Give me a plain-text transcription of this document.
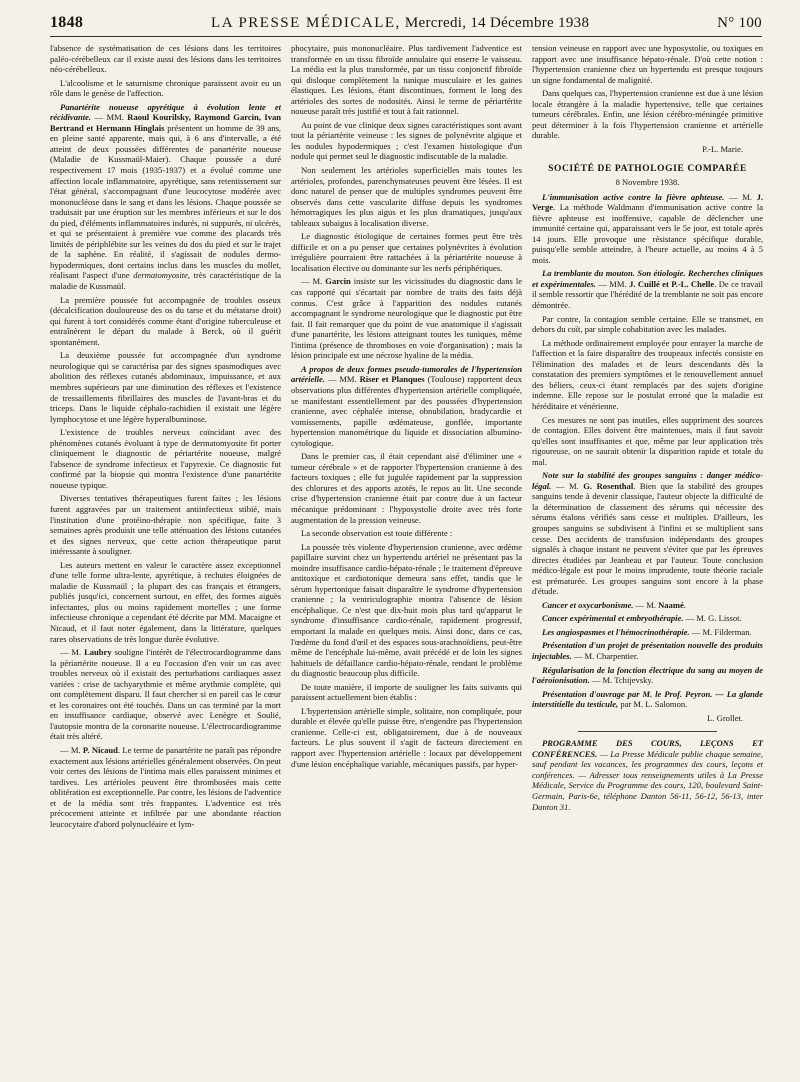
1848	LA PRESSE MÉDICALE, Mercredi, 14 Décembre 1938	N° 100

l'absence de systématisation de ces lésions dans les territoires paléo-cérébelleux car il existe aussi des lésions dans les territoires néo-cérébelleux.

L'alcoolisme et le saturnisme chronique paraissent avoir eu un rôle dans le genèse de l'affection.

Panartérite noueuse apyrétique à évolution lente et récidivante. — MM. Raoul Kourilsky, Raymond Garcin, Ivan Bertrand et Hermann Hinglais présentent un homme de 39 ans, en pleine santé apparente, mais qui, à 6 ans d'intervalle, a été atteint de deux poussées différentes de panartérite noueuse (Maladie de Kussmaül-Maier). Chaque poussée a duré respectivement 17 mois (1935-1937) et a évolué comme une affection locale inflammatoire, apyrétique, sans retentissement sur l'état général, s'accompagnant d'une leucocytose modérée avec mononucléose dans le sang et dans les lésions. Chaque poussée se traduisait par une éruption sur les membres inférieurs et sur le dos du pied, d'éléments inflammatoires indurés, ni suppurés, ni ulcérés, et qui se présentaient à première vue comme des placards très limités de périphlébite sur les veines du dos du pied et sur le trajet de la saphène. En réalité, il s'agissait de nodules dermo-hypodermiques, dont certains inclus dans les muscles du mollet, réalisant l'aspect d'une dermatomyosite, très caractéristique de la maladie de Kussmaül.

La première poussée fut accompagnée de troubles osseux (décalcification douloureuse des os du tarse et du métatarse droit) qui furent à tort considérés comme étant d'origine tuberculeuse et entraînèrent le départ du malade à Berck, où il guérit spontanément.

La deuxième poussée fut accompagnée d'un syndrome neurologique qui se caractérisa par des signes spasmodiques avec abolition des réflexes cutanés abdominaux, impuissance, et aux membres supérieurs par une diminution des réflexes et l'existence de tressaillements fibrillaires des muscles de l'avant-bras et du triceps. Dans le liquide céphalo-rachidien il existait une légère lymphocytose et une légère hyperalbuminose.

L'existence de troubles nerveux coïncidant avec des phénomènes cutanés évoluant à type de dermatomyosite fit porter cliniquement le diagnostic de périartérite noueuse, malgré l'absence de syndrome infectieux et l'apyrexie. Ce diagnostic fut confirmé par la biopsie qui montra l'existence d'une panartérite noueuse typique.

Diverses tentatives thérapeutiques furent faites ; les lésions furent aggravées par un traitement antiinfectieux stibié, mais l'institution d'une protéino-thérapie non spécifique, faite 3 semaines après produisit une telle atténuation des lésions cutanées et des signes nerveux, que cette action thérapeutique parut intéressante à souligner.

Les auteurs mettent en valeur le caractère assez exceptionnel d'une telle forme ultra-lente, apyrétique, à rechutes éloignées de maladie de Kussmaül ; la plupart des cas français et étrangers, publiés jusqu'ici, concernent surtout, en effet, des formes aiguës infectantes, plus ou moins rapidement mortelles ; une forme infectieuse chronique a cependant été décrite par MM. Macaigne et Nicaud, et il faut noter également, dans la littérature, quelques rares observations de très longue durée évolutive.

— M. Laubry souligne l'intérêt de l'électrocardiogramme dans la périartérite noueuse. Il a eu l'occasion d'en voir un cas avec troubles nerveux où il existait des perturbations cardiaques assez variées : crise de tachyarythmie et même arythmie complète, qui ont complètement disparu. Il faut chercher si en pareil cas le cœur et les coronaires ont été touchés. Dans un cas terminé par la mort en insuffisance cardiaque, observé avec Lenègre et Soulié, l'autopsie montra de la coronarite noueuse. L'électrocardiogramme était très altéré.

— M. P. Nicaud. Le terme de panartérite ne paraît pas répondre exactement aux lésions artérielles généralement observées. On peut voir certes des lésions de l'intima mais elles paraissent minimes et tardives. Les artérioles peuvent être thrombosées mais cette oblitération est exceptionnelle. Par contre, les lésions de l'adventice et de la média sont très frappantes. L'adventice est très précocement atteinte et infiltrée par une abondante réaction leucocytaire d'abord polynucléaire et lym-

phocytaire, puis mononucléaire. Plus tardivement l'adventice est transformée en un tissu fibroïde annulaire qui enserre le vaisseau. La média est la plus transformée, par un tissu conjonctif fibroïde qui disloque complètement la tunique musculaire et les gaines élastiques. Les lésions, étant discontinues, forment le long des artérioles des sortes de nodosités. Ainsi le terme de périartérite noueuse paraît très justifié et tout à fait rationnel.

Au point de vue clinique deux signes caractéristiques sont avant tout la périartérite veineuse : les signes de polynévrite algique et les nodules hypodermiques ; c'est l'examen histologique d'un nodule qui permet seul le diagnostic indiscutable de la maladie.

Non seulement les artérioles superficielles mais toutes les artérioles, profondes, parenchymateuses peuvent être lésées. Il est donc naturel de penser que de multiples syndromes peuvent être observés dans cette vascularite diffuse depuis les syndromes hémorragiques les plus aigus et les plus dramatiques, jusqu'aux tableaux subaigus à localisation diverse.

Le diagnostic étiologique de certaines formes peut être très difficile et on a pu penser que certaines polynévrites à évolution irrégulière pourraient être rattachées à la périartérite noueuse à localisation élective ou dominante sur les nerfs périphériques.

— M. Garcin insiste sur les vicissitudes du diagnostic dans le cas rapporté qui s'écartait par nombre de traits des faits déjà connus. C'est grâce à l'apparition des nodules cutanés accompagnant le syndrome neurologique que le diagnostic put être fait. Il fait remarquer que du point de vue anatomique il s'agissait d'une panartérite, les lésions atteignant toutes les tuniques, même l'intima (présence de thromboses en voie d'organisation) ; mais la lésion principale est une nécrose hyaline de la média.

A propos de deux formes pseudo-tumorales de l'hypertension artérielle. — MM. Riser et Planques (Toulouse) rapportent deux observations plus différentes d'hypertension artérielle compliquée, se manifestant essentiellement par des poussées d'hypertension cranienne, avec céphalée intense, obnubilation, bradycardie et vomissements, papille œdémateuse, gonflée, importante hypertension manométrique du liquide et dissociation albumino-cytologique.

Dans le premier cas, il était cependant aisé d'éliminer une « tumeur cérébrale » et de rapporter l'hypertension cranienne à des facteurs toxiques ; elle fut jugulée rapidement par la suppression des chlorures et des apports azotés, le repos au lit. Une seconde crise d'hypertension cranienne était par contre due à un facteur mécanique prédominant : l'hyposystolie droite avec très forte augmentation de la pression veineuse.

La seconde observation est toute différente :

La poussée très violente d'hypertension cranienne, avec œdème papillaire survint chez un hypertendu artériel ne présentant pas la moindre insuffisance cardio-hépato-rénale ; le traitement d'épreuve antitoxique et cardiotonique demeura sans effet, tandis que le sérum hypertonique faisait disparaître le syndrome d'hypertension cranienne ; la ventriculographie montra l'absence de lésion encéphalique. Ce n'est que dix-huit mois plus tard qu'apparut le syndrome d'insuffisance cardio-rénale, rapidement progressif, emportant la malade en quelques mois. Ainsi donc, dans ce cas, l'œdème du fond d'œil et des espaces sous-arachnoïdiens, peut-être même de l'encéphale lui-même, avait précédé et de loin les signes habituels de défaillance cardio-hépato-rénale, rendant le problème du diagnostic beaucoup plus difficile.

De toute manière, il importe de souligner les faits suivants qui paraissent actuellement bien établis :

L'hypertension artérielle simple, solitaire, non compliquée, pour durable et élevée qu'elle puisse être, n'engendre pas l'hypertension cranienne. Celle-ci est, obligatoirement, due à de nouveaux facteurs. Le plus souvent il s'agit de facteurs directement en rapport avec l'hypertension artérielle : locaux par développement d'une lésion encéphalique variable, mécaniques passifs, par hyper-

tension veineuse en rapport avec une hyposystolie, ou toxiques en rapport avec une insuffisance hépato-rénale. D'où cette notion : l'hypertension cranienne chez un hypertendu est presque toujours un signe fondamental de malignité.

Dans quelques cas, l'hypertension cranienne est due à une lésion locale étrangère à la maladie hypertensive, telle que certaines tumeurs cérébrales. Enfin, une lésion cérébro-méningée primitive peut déterminer à la fois l'hypertension cranienne et artérielle durable.

P.-L. Marie.
SOCIÉTÉ DE PATHOLOGIE COMPARÉE
8 Novembre 1938.

L'immunisation active contre la fièvre aphteuse. — M. J. Verge. La méthode Waldmann d'immunisation active contre la fièvre aphteuse est inoffensive, capable de déclencher une immunité certaine qui, apparaissant vers le 5e jour, est totale après 14 jours. Elle provoque une résistance spécifique durable, puisqu'elle semble atteindre, à l'heure actuelle, au moins 4 à 5 mois.

La tremblante du mouton. Son étiologie. Recherches cliniques et expérimentales. — MM. J. Cuillé et P.-L. Chelle. De ce travail il semble ressortir que l'hérédité de la tremblante ne soit pas encore démontrée.

Par contre, la contagion semble certaine. Elle se transmet, en dehors du coït, par simple cohabitation avec les malades.

La méthode ordinairement employée pour enrayer la marche de l'affection et la faire disparaître des troupeaux infectés consiste en l'élimination des malades et de leurs descendants dès la constatation des premiers symptômes et le renouvellement annuel des béliers, ceux-ci étant remplacés par des sujets d'origine indemne. Elle repose sur le postulat erroné que la maladie est héréditaire et vénérienne.

Ces mesures ne sont pas inutiles, elles suppriment des sources de contagion. Elles doivent être maintenues, mais il faut savoir qu'elles sont insuffisantes et que, même par leur application très rigoureuse, on ne saurait obtenir la disparition rapide et totale du mal.

Note sur la stabilité des groupes sanguins : danger médico-légal. — M. G. Rosenthal. Bien que la stabilité des groupes sanguins tende à devenir classique, l'auteur objecte la difficulté de la détermination de classement des sérums qui nécessite des sérums étalons vérifiés sans cesse et multiples. D'ailleurs, les groupes sanguins se subdivisent à l'infini et se multiplient sans cesse. Des accidents de transfusion indépendants des groupes signalés à chaque instant ne peuvent s'éviter que par les épreuves directes étudiées par Jeanbeau et par l'auteur. Toute conclusion médico-légale est pour le moins imprudente, toute théorie raciale est prématurée. Les groupes sanguins sont encore à la phase d'étude.

Cancer et oxycarbonisme. — M. Naamé.

Cancer expérimental et embryothérapie. — M. G. Lissot.

Les angiospasmes et l'hémocrinothérapie. — M. Filderman.

Présentation d'un projet de présentation nouvelle des produits injectables. — M. Charpentier.

Régularisation de la fonction électrique du sang au moyen de l'aéroionisation. — M. Tchijevsky.

Présentation d'ouvrage par M. le Prof. Peyron. — La glande interstitielle du testicule, par M. L. Salomon.

L. Grollet.

PROGRAMME DES COURS, LEÇONS ET CONFÉRENCES. — La Presse Médicale publie chaque semaine, sauf pendant les vacances, les programmes des cours, leçons et conférences. — Adresser tous renseignements utiles à La Presse Médicale, Service du Programme des cours, 120, boulevard Saint-Germain, Paris-6e, téléphone Danton 56-11, 56-12, 56-13, inter Danton 31.
